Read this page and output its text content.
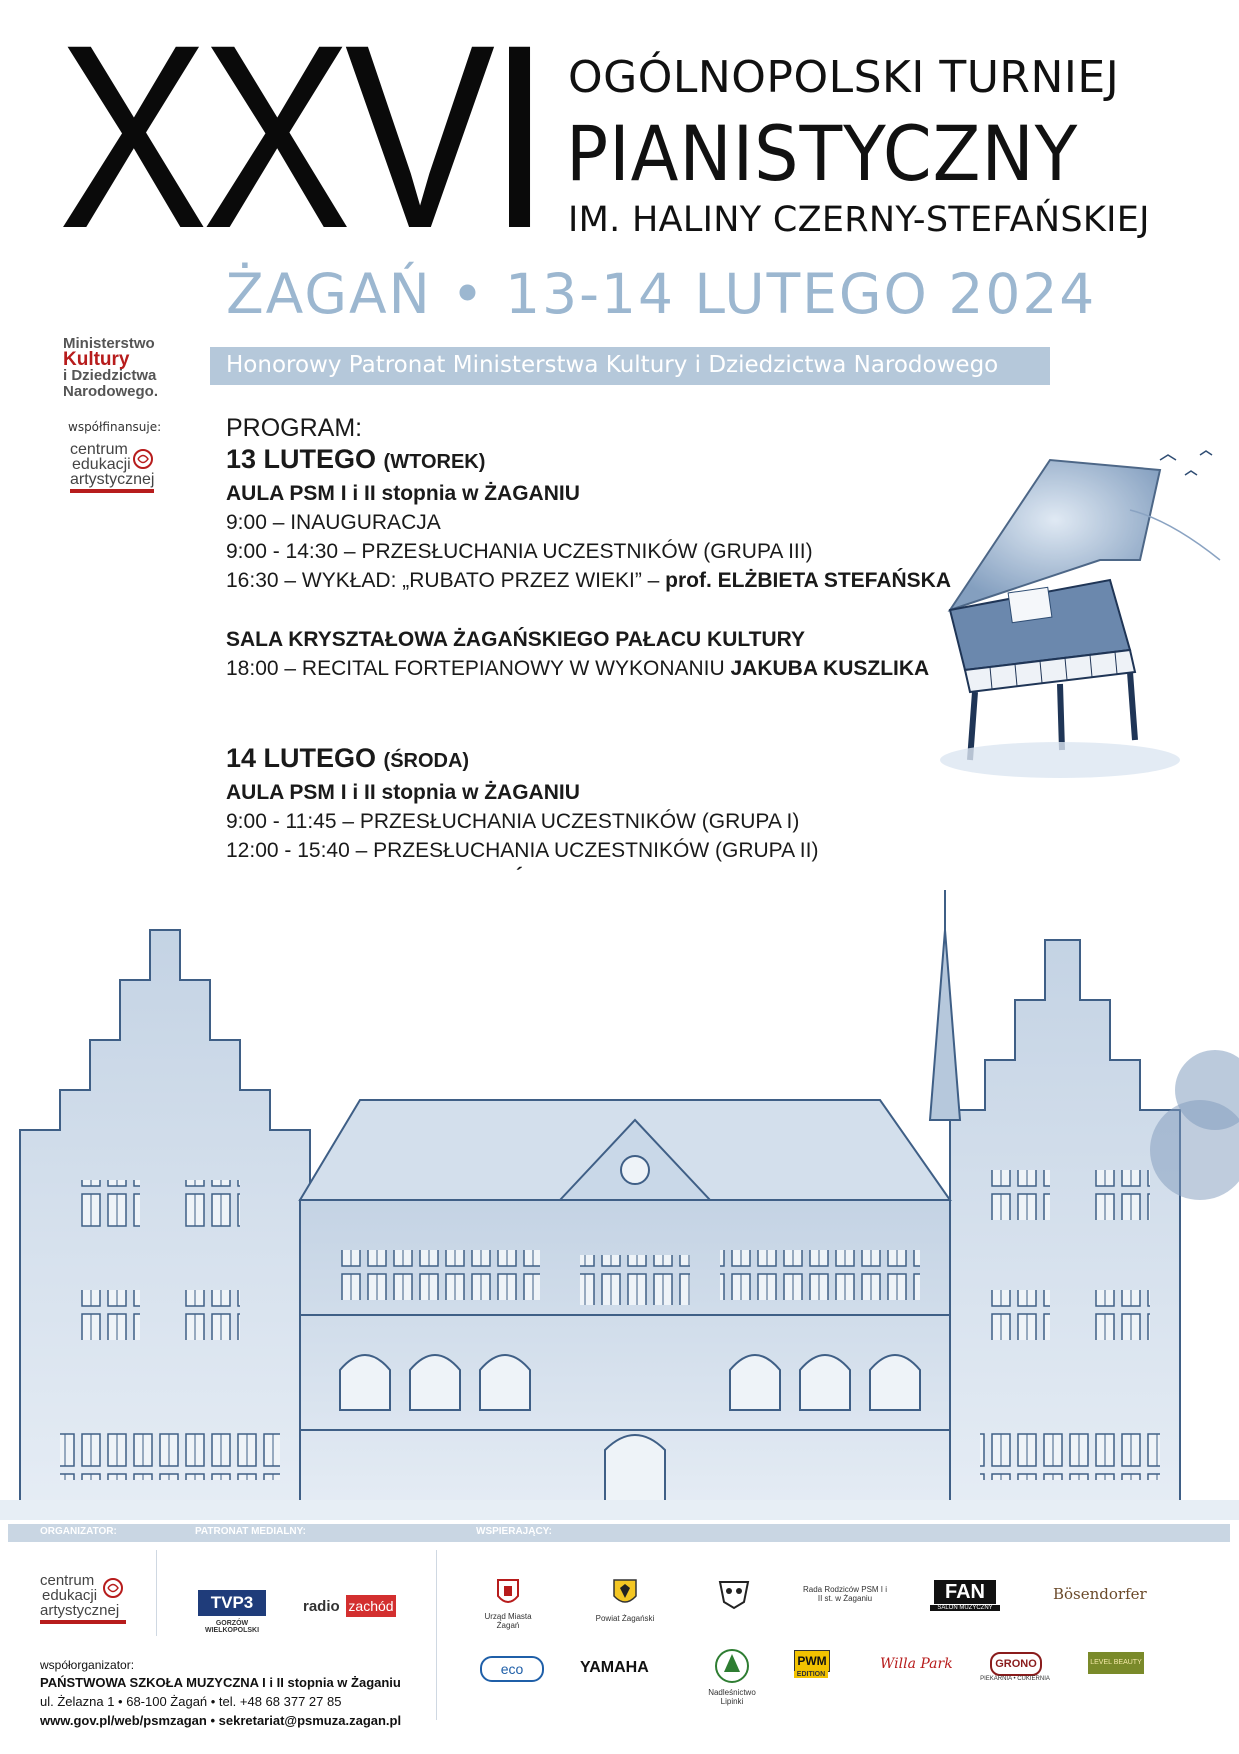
XXVI OGÓLNOPOLSKI TURNIEJ
PIANISTYCZNY
IM. HALINY CZERNY-STEFAŃSKIEJ
ŻAGAŃ • 13-14 LUTEGO 2024
Honorowy Patronat Ministerstwa Kultury i Dziedzictwa Narodowego
Ministerstwo
Kultury
i Dziedzictwa
Narodowego.
współfinansuje:
centrum
edukacji
artystycznej
PROGRAM:
13 LUTEGO (WTOREK)
AULA PSM I i II stopnia w ŻAGANIU
9:00 – INAUGURACJA
9:00 - 14:30 – PRZESŁUCHANIA UCZESTNIKÓW (GRUPA III)
16:30 – WYKŁAD: „RUBATO PRZEZ WIEKI” – prof. ELŻBIETA STEFAŃSKA
SALA KRYSZTAŁOWA ŻAGAŃSKIEGO PAŁACU KULTURY
18:00 – RECITAL FORTEPIANOWY W WYKONANIU JAKUBA KUSZLIKA
14 LUTEGO (ŚRODA)
AULA PSM I i II stopnia w ŻAGANIU
9:00 - 11:45 – PRZESŁUCHANIA UCZESTNIKÓW (GRUPA I)
12:00 - 15:40 – PRZESŁUCHANIA UCZESTNIKÓW (GRUPA II)
ORGANIZATOR:	PATRONAT MEDIALNY:	WSPIERAJĄCY:
centrum
edukacji
artystycznej	TVP3
GORZÓW WIELKOPOLSKI
radio zachód
Urząd Miasta Żagań
Powiat Żagański
Rada Rodziców PSM I i II st. w Żaganiu	FAN
SALON MUZYCZNY
Bösendorfer
eco	YAMAHA
Nadleśnictwo Lipinki
PWM
EDITION
Willa Park	GRONO
PIEKARNIA • CUKIERNIA
LEVEL BEAUTY
współorganizator:
PAŃSTWOWA SZKOŁA MUZYCZNA I i II stopnia w Żaganiu
ul. Żelazna 1 • 68-100 Żagań • tel. +48 68 377 27 85
www.gov.pl/web/psmzagan • sekretariat@psmuza.zagan.pl
